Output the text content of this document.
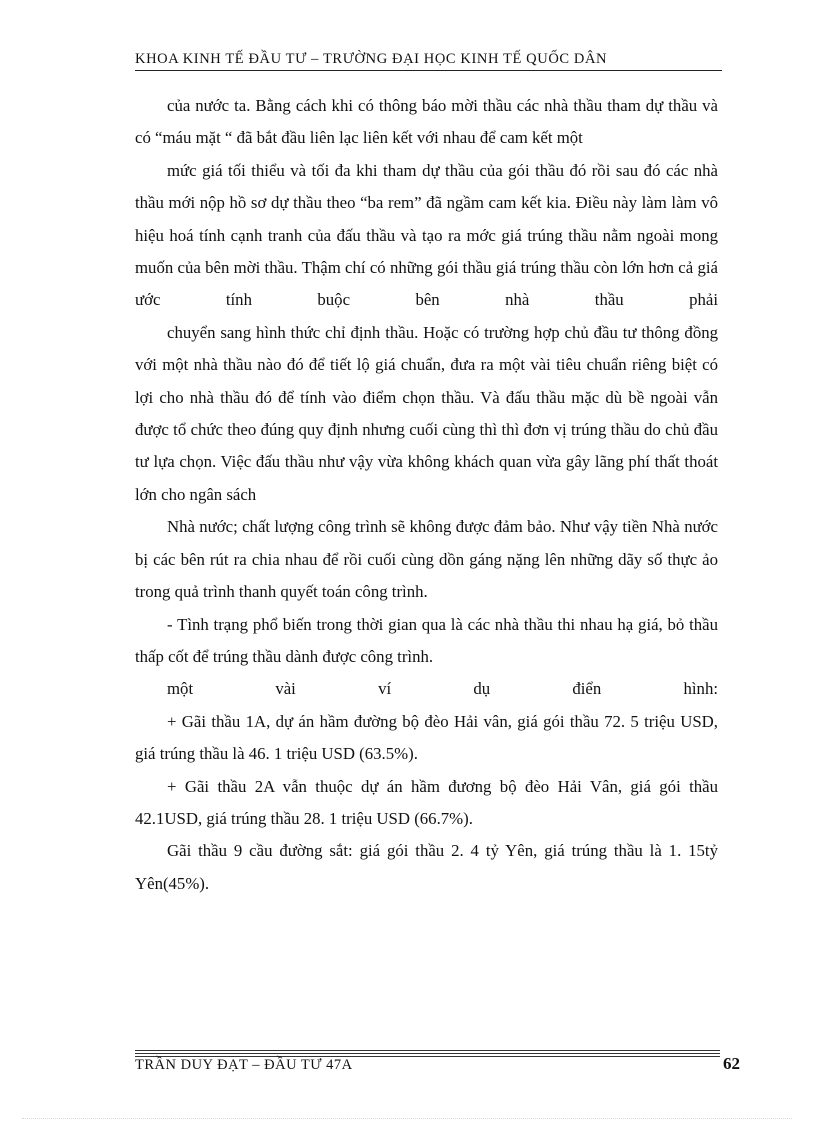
KHOA KINH TẾ ĐẦU TƯ – TRƯỜNG ĐẠI HỌC KINH TẾ QUỐC DÂN

của nước ta. Bằng cách khi có thông báo mời thầu các nhà thầu tham dự thầu và có “máu mặt “ đã bắt đầu liên lạc liên kết với nhau để cam kết một

mức giá tối thiểu và tối đa khi tham dự thầu của gói thầu đó rồi sau đó các nhà thầu mới nộp hồ sơ dự thầu theo “ba rem” đã ngầm cam kết kia. Điều này làm làm vô hiệu hoá tính cạnh tranh của đấu thầu và tạo ra mớc giá trúng thầu nằm ngoài mong muốn của bên mời thầu. Thậm chí có những gói thầu giá trúng thầu còn lớn hơn cả giá ước tính buộc bên nhà thầu phải

chuyển sang hình thức chỉ định thầu. Hoặc có trường hợp chủ đầu tư thông đồng với một nhà thầu nào đó để tiết lộ giá chuẩn, đưa ra một vài tiêu chuẩn riêng biệt có lợi cho nhà thầu đó để tính vào điểm chọn thầu. Và đấu thầu mặc dù bề ngoài vẫn được tổ chức theo đúng quy định nhưng cuối cùng thì thì đơn vị trúng thầu do chủ đầu tư lựa chọn. Việc đấu thầu như vậy vừa không khách quan vừa gây lãng phí thất thoát lớn cho ngân sách

Nhà nước; chất lượng công trình sẽ không được đảm bảo. Như vậy tiền Nhà nước bị các bên rút ra chia nhau để rồi cuối cùng dồn gáng nặng lên những dãy số thực ảo trong quả trình thanh quyết toán công trình.

- Tình trạng phổ biến trong thời gian qua là các nhà thầu thi nhau hạ giá, bỏ thầu thấp cốt để trúng thầu dành được công trình.

một vài ví dụ điển hình:

+ Gãi thầu 1A, dự án hầm đường bộ đèo Hải vân, giá gói thầu 72. 5 triệu USD, giá trúng thầu là 46. 1 triệu USD (63.5%).

+ Gãi thầu 2A vẫn thuộc dự án hầm đương bộ đèo Hải Vân, giá gói thầu 42.1USD, giá trúng thầu 28. 1 triệu USD (66.7%).

Gãi thầu 9 cầu đường sắt: giá gói thầu 2. 4 tỷ Yên, giá trúng thầu là 1. 15tỷ Yên(45%).

TRẦN DUY ĐẠT – ĐẦU TƯ 47A	62
